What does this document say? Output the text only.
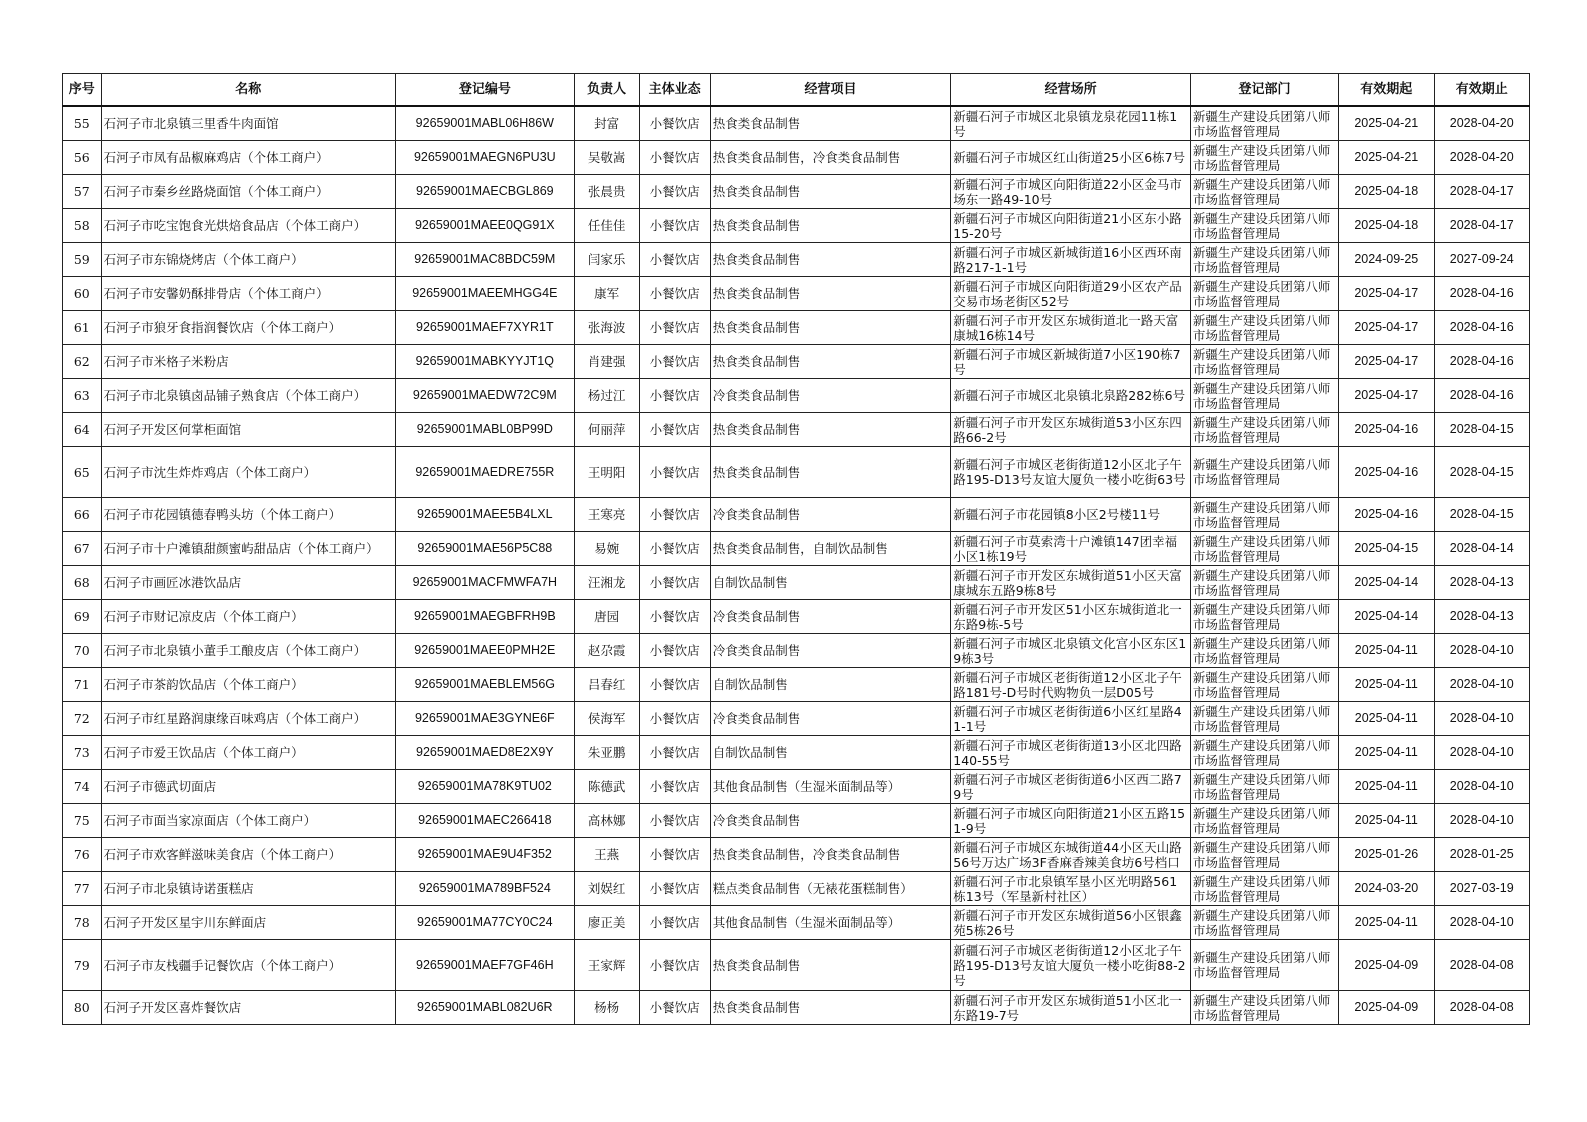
序号	名称	登记编号	负责人	主体业态	经营项目	经营场所	登记部门	有效期起	有效期止
55	石河子市北泉镇三里香牛肉面馆	92659001MABL06H86W	封富	小餐饮店	热食类食品制售	新疆石河子市城区北泉镇龙泉花园11栋1号	新疆生产建设兵团第八师市场监督管理局	2025-04-21	2028-04-20
56	石河子市凤有品椒麻鸡店（个体工商户）	92659001MAEGN6PU3U	吴敬嵩	小餐饮店	热食类食品制售，冷食类食品制售	新疆石河子市城区红山街道25小区6栋7号	新疆生产建设兵团第八师市场监督管理局	2025-04-21	2028-04-20
57	石河子市秦乡丝路烧面馆（个体工商户）	92659001MAECBGL869	张晨贵	小餐饮店	热食类食品制售	新疆石河子市城区向阳街道22小区金马市场东一路49-10号	新疆生产建设兵团第八师市场监督管理局	2025-04-18	2028-04-17
58	石河子市吃宝饱食光烘焙食品店（个体工商户）	92659001MAEE0QG91X	任佳佳	小餐饮店	热食类食品制售	新疆石河子市城区向阳街道21小区东小路15-20号	新疆生产建设兵团第八师市场监督管理局	2025-04-18	2028-04-17
59	石河子市东锦烧烤店（个体工商户）	92659001MAC8BDC59M	闫家乐	小餐饮店	热食类食品制售	新疆石河子市城区新城街道16小区西环南路217-1-1号	新疆生产建设兵团第八师市场监督管理局	2024-09-25	2027-09-24
60	石河子市安馨奶酥排骨店（个体工商户）	92659001MAEEMHGG4E	康军	小餐饮店	热食类食品制售	新疆石河子市城区向阳街道29小区农产品交易市场老街区52号	新疆生产建设兵团第八师市场监督管理局	2025-04-17	2028-04-16
61	石河子市狼牙食指润餐饮店（个体工商户）	92659001MAEF7XYR1T	张海波	小餐饮店	热食类食品制售	新疆石河子市开发区东城街道北一路天富康城16栋14号	新疆生产建设兵团第八师市场监督管理局	2025-04-17	2028-04-16
62	石河子市米格子米粉店	92659001MABKYYJT1Q	肖建强	小餐饮店	热食类食品制售	新疆石河子市城区新城街道7小区190栋7号	新疆生产建设兵团第八师市场监督管理局	2025-04-17	2028-04-16
63	石河子市北泉镇卤品铺子熟食店（个体工商户）	92659001MAEDW72C9M	杨过江	小餐饮店	冷食类食品制售	新疆石河子市城区北泉镇北泉路282栋6号	新疆生产建设兵团第八师市场监督管理局	2025-04-17	2028-04-16
64	石河子开发区何掌柜面馆	92659001MABL0BP99D	何丽萍	小餐饮店	热食类食品制售	新疆石河子市开发区东城街道53小区东四路66-2号	新疆生产建设兵团第八师市场监督管理局	2025-04-16	2028-04-15
65	石河子市沈生炸炸鸡店（个体工商户）	92659001MAEDRE755R	王明阳	小餐饮店	热食类食品制售	新疆石河子市城区老街街道12小区北子午路195-D13号友谊大厦负一楼小吃街63号	新疆生产建设兵团第八师市场监督管理局	2025-04-16	2028-04-15
66	石河子市花园镇德春鸭头坊（个体工商户）	92659001MAEE5B4LXL	王寒亮	小餐饮店	冷食类食品制售	新疆石河子市花园镇8小区2号楼11号	新疆生产建设兵团第八师市场监督管理局	2025-04-16	2028-04-15
67	石河子市十户滩镇甜颜蜜屿甜品店（个体工商户）	92659001MAE56P5C88	易婉	小餐饮店	热食类食品制售，自制饮品制售	新疆石河子市莫索湾十户滩镇147团幸福小区1栋19号	新疆生产建设兵团第八师市场监督管理局	2025-04-15	2028-04-14
68	石河子市画匠冰港饮品店	92659001MACFMWFA7H	汪湘龙	小餐饮店	自制饮品制售	新疆石河子市开发区东城街道51小区天富康城东五路9栋8号	新疆生产建设兵团第八师市场监督管理局	2025-04-14	2028-04-13
69	石河子市财记凉皮店（个体工商户）	92659001MAEGBFRH9B	唐园	小餐饮店	冷食类食品制售	新疆石河子市开发区51小区东城街道北一东路9栋-5号	新疆生产建设兵团第八师市场监督管理局	2025-04-14	2028-04-13
70	石河子市北泉镇小董手工酿皮店（个体工商户）	92659001MAEE0PMH2E	赵尕霞	小餐饮店	冷食类食品制售	新疆石河子市城区北泉镇文化宫小区东区19栋3号	新疆生产建设兵团第八师市场监督管理局	2025-04-11	2028-04-10
71	石河子市茶韵饮品店（个体工商户）	92659001MAEBLEM56G	吕春红	小餐饮店	自制饮品制售	新疆石河子市城区老街街道12小区北子午路181号-D号时代购物负一层D05号	新疆生产建设兵团第八师市场监督管理局	2025-04-11	2028-04-10
72	石河子市红星路润康缘百味鸡店（个体工商户）	92659001MAE3GYNE6F	侯海军	小餐饮店	冷食类食品制售	新疆石河子市城区老街街道6小区红星路41-1号	新疆生产建设兵团第八师市场监督管理局	2025-04-11	2028-04-10
73	石河子市爱王饮品店（个体工商户）	92659001MAED8E2X9Y	朱亚鹏	小餐饮店	自制饮品制售	新疆石河子市城区老街街道13小区北四路140-55号	新疆生产建设兵团第八师市场监督管理局	2025-04-11	2028-04-10
74	石河子市德武切面店	92659001MA78K9TU02	陈德武	小餐饮店	其他食品制售（生湿米面制品等）	新疆石河子市城区老街街道6小区西二路79号	新疆生产建设兵团第八师市场监督管理局	2025-04-11	2028-04-10
75	石河子市面当家凉面店（个体工商户）	92659001MAEC266418	高林娜	小餐饮店	冷食类食品制售	新疆石河子市城区向阳街道21小区五路151-9号	新疆生产建设兵团第八师市场监督管理局	2025-04-11	2028-04-10
76	石河子市欢客鲜滋味美食店（个体工商户）	92659001MAE9U4F352	王燕	小餐饮店	热食类食品制售，冷食类食品制售	新疆石河子市城区东城街道44小区天山路56号万达广场3F香麻香辣美食坊6号档口	新疆生产建设兵团第八师市场监督管理局	2025-01-26	2028-01-25
77	石河子市北泉镇诗诺蛋糕店	92659001MA789BF524	刘娱红	小餐饮店	糕点类食品制售（无裱花蛋糕制售）	新疆石河子市北泉镇军垦小区光明路561栋13号（军垦新村社区）	新疆生产建设兵团第八师市场监督管理局	2024-03-20	2027-03-19
78	石河子开发区星宇川东鲜面店	92659001MA77CY0C24	廖正美	小餐饮店	其他食品制售（生湿米面制品等）	新疆石河子市开发区东城街道56小区银鑫苑5栋26号	新疆生产建设兵团第八师市场监督管理局	2025-04-11	2028-04-10
79	石河子市友栈疆手记餐饮店（个体工商户）	92659001MAEF7GF46H	王家辉	小餐饮店	热食类食品制售	新疆石河子市城区老街街道12小区北子午路195-D13号友谊大厦负一楼小吃街88-2号	新疆生产建设兵团第八师市场监督管理局	2025-04-09	2028-04-08
80	石河子开发区喜炸餐饮店	92659001MABL082U6R	杨杨	小餐饮店	热食类食品制售	新疆石河子市开发区东城街道51小区北一东路19-7号	新疆生产建设兵团第八师市场监督管理局	2025-04-09	2028-04-08
